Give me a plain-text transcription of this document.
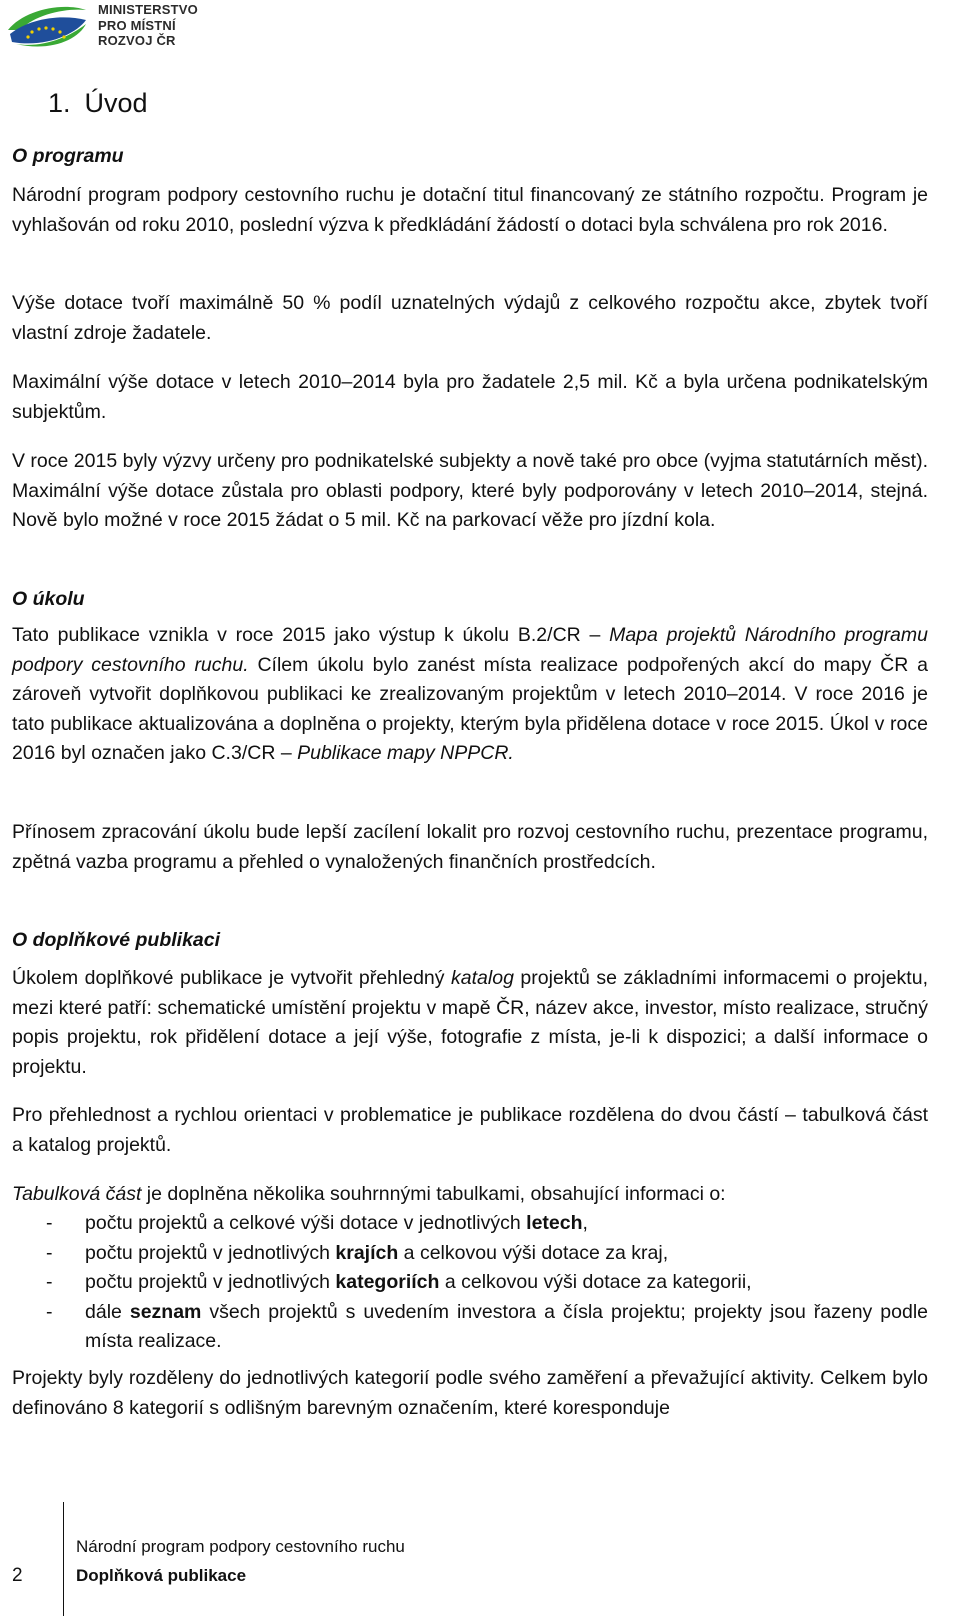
MINISTERSTVO
PRO MÍSTNÍ
ROZVOJ ČR
1. Úvod
O programu

Národní program podpory cestovního ruchu je dotační titul financovaný ze státního rozpočtu. Program je vyhlašován od roku 2010, poslední výzva k předkládání žádostí o dotaci byla schválena pro rok 2016.

Výše dotace tvoří maximálně 50 % podíl uznatelných výdajů z celkového rozpočtu akce, zbytek tvoří vlastní zdroje žadatele.

Maximální výše dotace v letech 2010–2014 byla pro žadatele 2,5 mil. Kč a byla určena podnikatelským subjektům.

V roce 2015 byly výzvy určeny pro podnikatelské subjekty a nově také pro obce (vyjma statutárních měst). Maximální výše dotace zůstala pro oblasti podpory, které byly podporovány v letech 2010–2014, stejná. Nově bylo možné v roce 2015 žádat o 5 mil. Kč na parkovací věže pro jízdní kola.

O úkolu

Tato publikace vznikla v roce 2015 jako výstup k úkolu B.2/CR – Mapa projektů Národního programu podpory cestovního ruchu. Cílem úkolu bylo zanést místa realizace podpořených akcí do mapy ČR a zároveň vytvořit doplňkovou publikaci ke zrealizovaným projektům v letech 2010–2014. V roce 2016 je tato publikace aktualizována a doplněna o projekty, kterým byla přidělena dotace v roce 2015. Úkol v roce 2016 byl označen jako C.3/CR – Publikace mapy NPPCR.

Přínosem zpracování úkolu bude lepší zacílení lokalit pro rozvoj cestovního ruchu, prezentace programu, zpětná vazba programu a přehled o vynaložených finančních prostředcích.

O doplňkové publikaci

Úkolem doplňkové publikace je vytvořit přehledný katalog projektů se základními informacemi o projektu, mezi které patří: schematické umístění projektu v mapě ČR, název akce, investor, místo realizace, stručný popis projektu, rok přidělení dotace a její výše, fotografie z místa, je-li k dispozici; a další informace o projektu.

Pro přehlednost a rychlou orientaci v problematice je publikace rozdělena do dvou částí – tabulková část a katalog projektů.

Tabulková část je doplněna několika souhrnnými tabulkami, obsahující informaci o:

- počtu projektů a celkové výši dotace v jednotlivých letech,
- počtu projektů v jednotlivých krajích a celkovou výši dotace za kraj,
- počtu projektů v jednotlivých kategoriích a celkovou výši dotace za kategorii,
- dále seznam všech projektů s uvedením investora a čísla projektu; projekty jsou řazeny podle místa realizace.

Projekty byly rozděleny do jednotlivých kategorií podle svého zaměření a převažující aktivity. Celkem bylo definováno 8 kategorií s odlišným barevným označením, které koresponduje

2
Národní program podpory cestovního ruchu
Doplňková publikace
